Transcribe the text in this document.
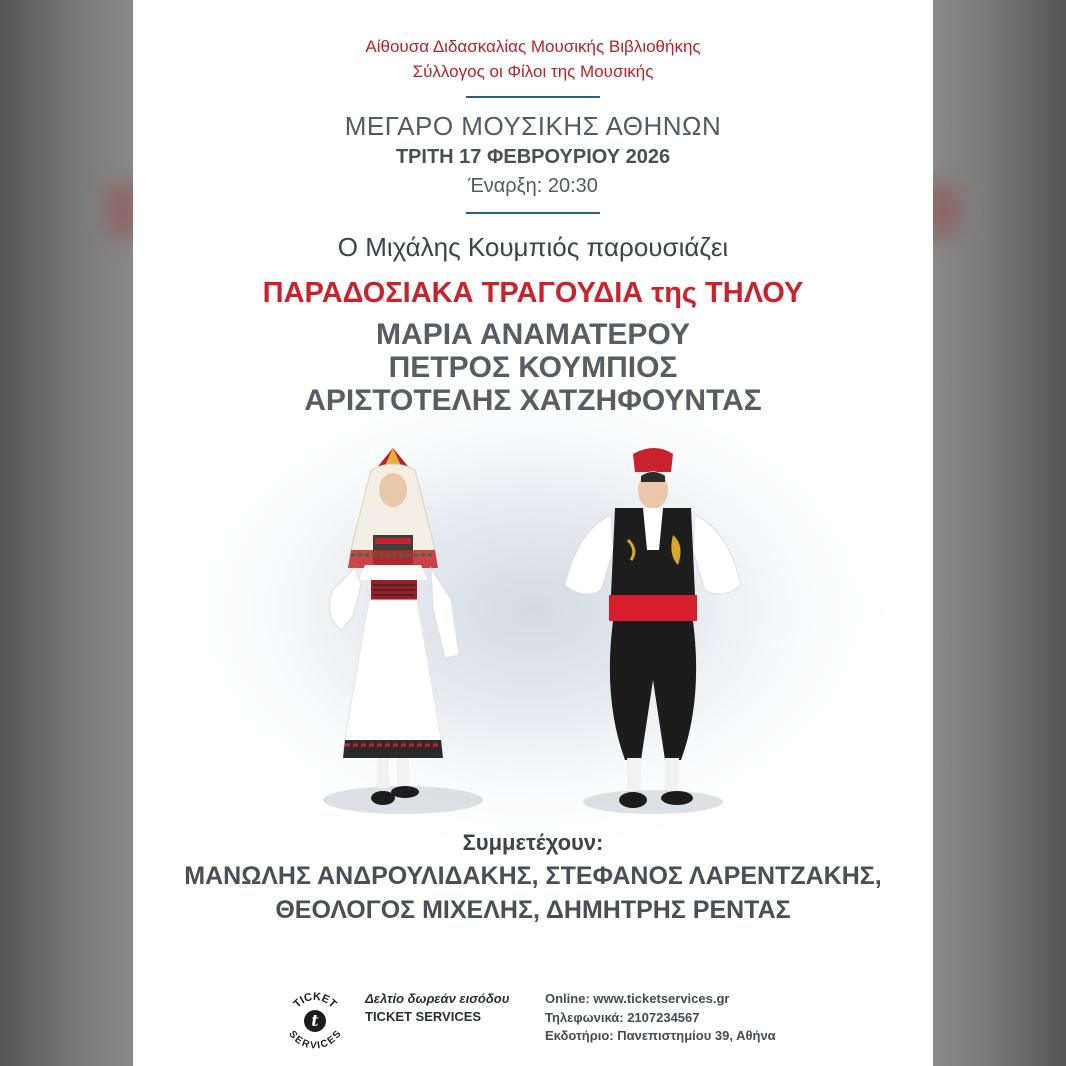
Αίθουσα Διδασκαλίας Μουσικής Βιβλιοθήκης
Σύλλογος οι Φίλοι της Μουσικής
ΜΕΓΑΡΟ ΜΟΥΣΙΚΗΣ ΑΘΗΝΩΝ
ΤΡΙΤΗ 17 ΦΕΒΡΟΥΡΙΟΥ 2026
Έναρξη: 20:30
Ο Μιχάλης Κουμπιός παρουσιάζει
ΠΑΡΑΔΟΣΙΑΚΑ ΤΡΑΓΟΥΔΙΑ της ΤΗΛΟΥ
ΜΑΡΙΑ ΑΝΑΜΑΤΕΡΟΥ
ΠΕΤΡΟΣ ΚΟΥΜΠΙΟΣ
ΑΡΙΣΤΟΤΕΛΗΣ ΧΑΤΖΗΦΟΥΝΤΑΣ
Συμμετέχουν:
ΜΑΝΩΛΗΣ ΑΝΔΡΟΥΛΙΔΑΚΗΣ, ΣΤΕΦΑΝΟΣ ΛΑΡΕΝΤΖΑΚΗΣ,
ΘΕΟΛΟΓΟΣ ΜΙΧΕΛΗΣ, ΔΗΜΗΤΡΗΣ ΡΕΝΤΑΣ
TICKET
SERVICES
t
Δελτίο δωρεάν εισόδου
TICKET SERVICES
Online: www.ticketservices.gr
Τηλεφωνικά: 2107234567
Εκδοτήριο: Πανεπιστημίου 39, Αθήνα
